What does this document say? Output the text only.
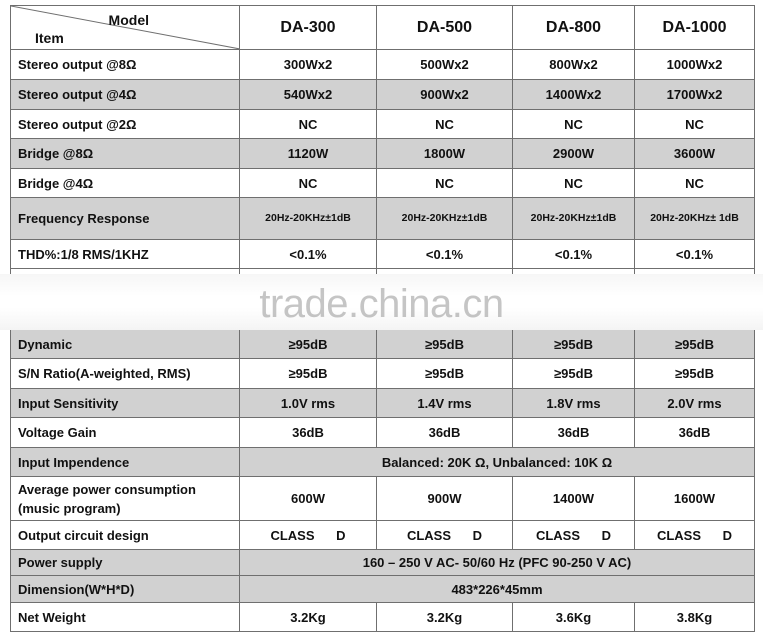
Model
Item	DA-300	DA-500	DA-800	DA-1000
Stereo output @8Ω	300Wx2	500Wx2	800Wx2	1000Wx2
Stereo output @4Ω	540Wx2	900Wx2	1400Wx2	1700Wx2
Stereo output @2Ω	NC	NC	NC	NC
Bridge @8Ω	1120W	1800W	2900W	3600W
Bridge @4Ω	NC	NC	NC	NC
Frequency Response	20Hz-20KHz±1dB	20Hz-20KHz±1dB	20Hz-20KHz±1dB	20Hz-20KHz± 1dB
THD%:1/8 RMS/1KHZ	<0.1%	<0.1%	<0.1%	<0.1%

Dynamic	≥95dB	≥95dB	≥95dB	≥95dB
S/N Ratio(A-weighted, RMS)	≥95dB	≥95dB	≥95dB	≥95dB
Input Sensitivity	1.0V rms	1.4V rms	1.8V rms	2.0V rms
Voltage Gain	36dB	36dB	36dB	36dB
Input Impendence	Balanced: 20K Ω, Unbalanced: 10K Ω			
Average power consumption
(music program)	600W	900W	1400W	1600W
Output circuit design	CLASS D	CLASS D	CLASS D	CLASS D
Power supply	160 – 250 V AC- 50/60 Hz (PFC 90-250 V AC)			
Dimension(W*H*D)	483*226*45mm			
Net Weight	3.2Kg	3.2Kg	3.6Kg	3.8Kg
trade.china.cn
